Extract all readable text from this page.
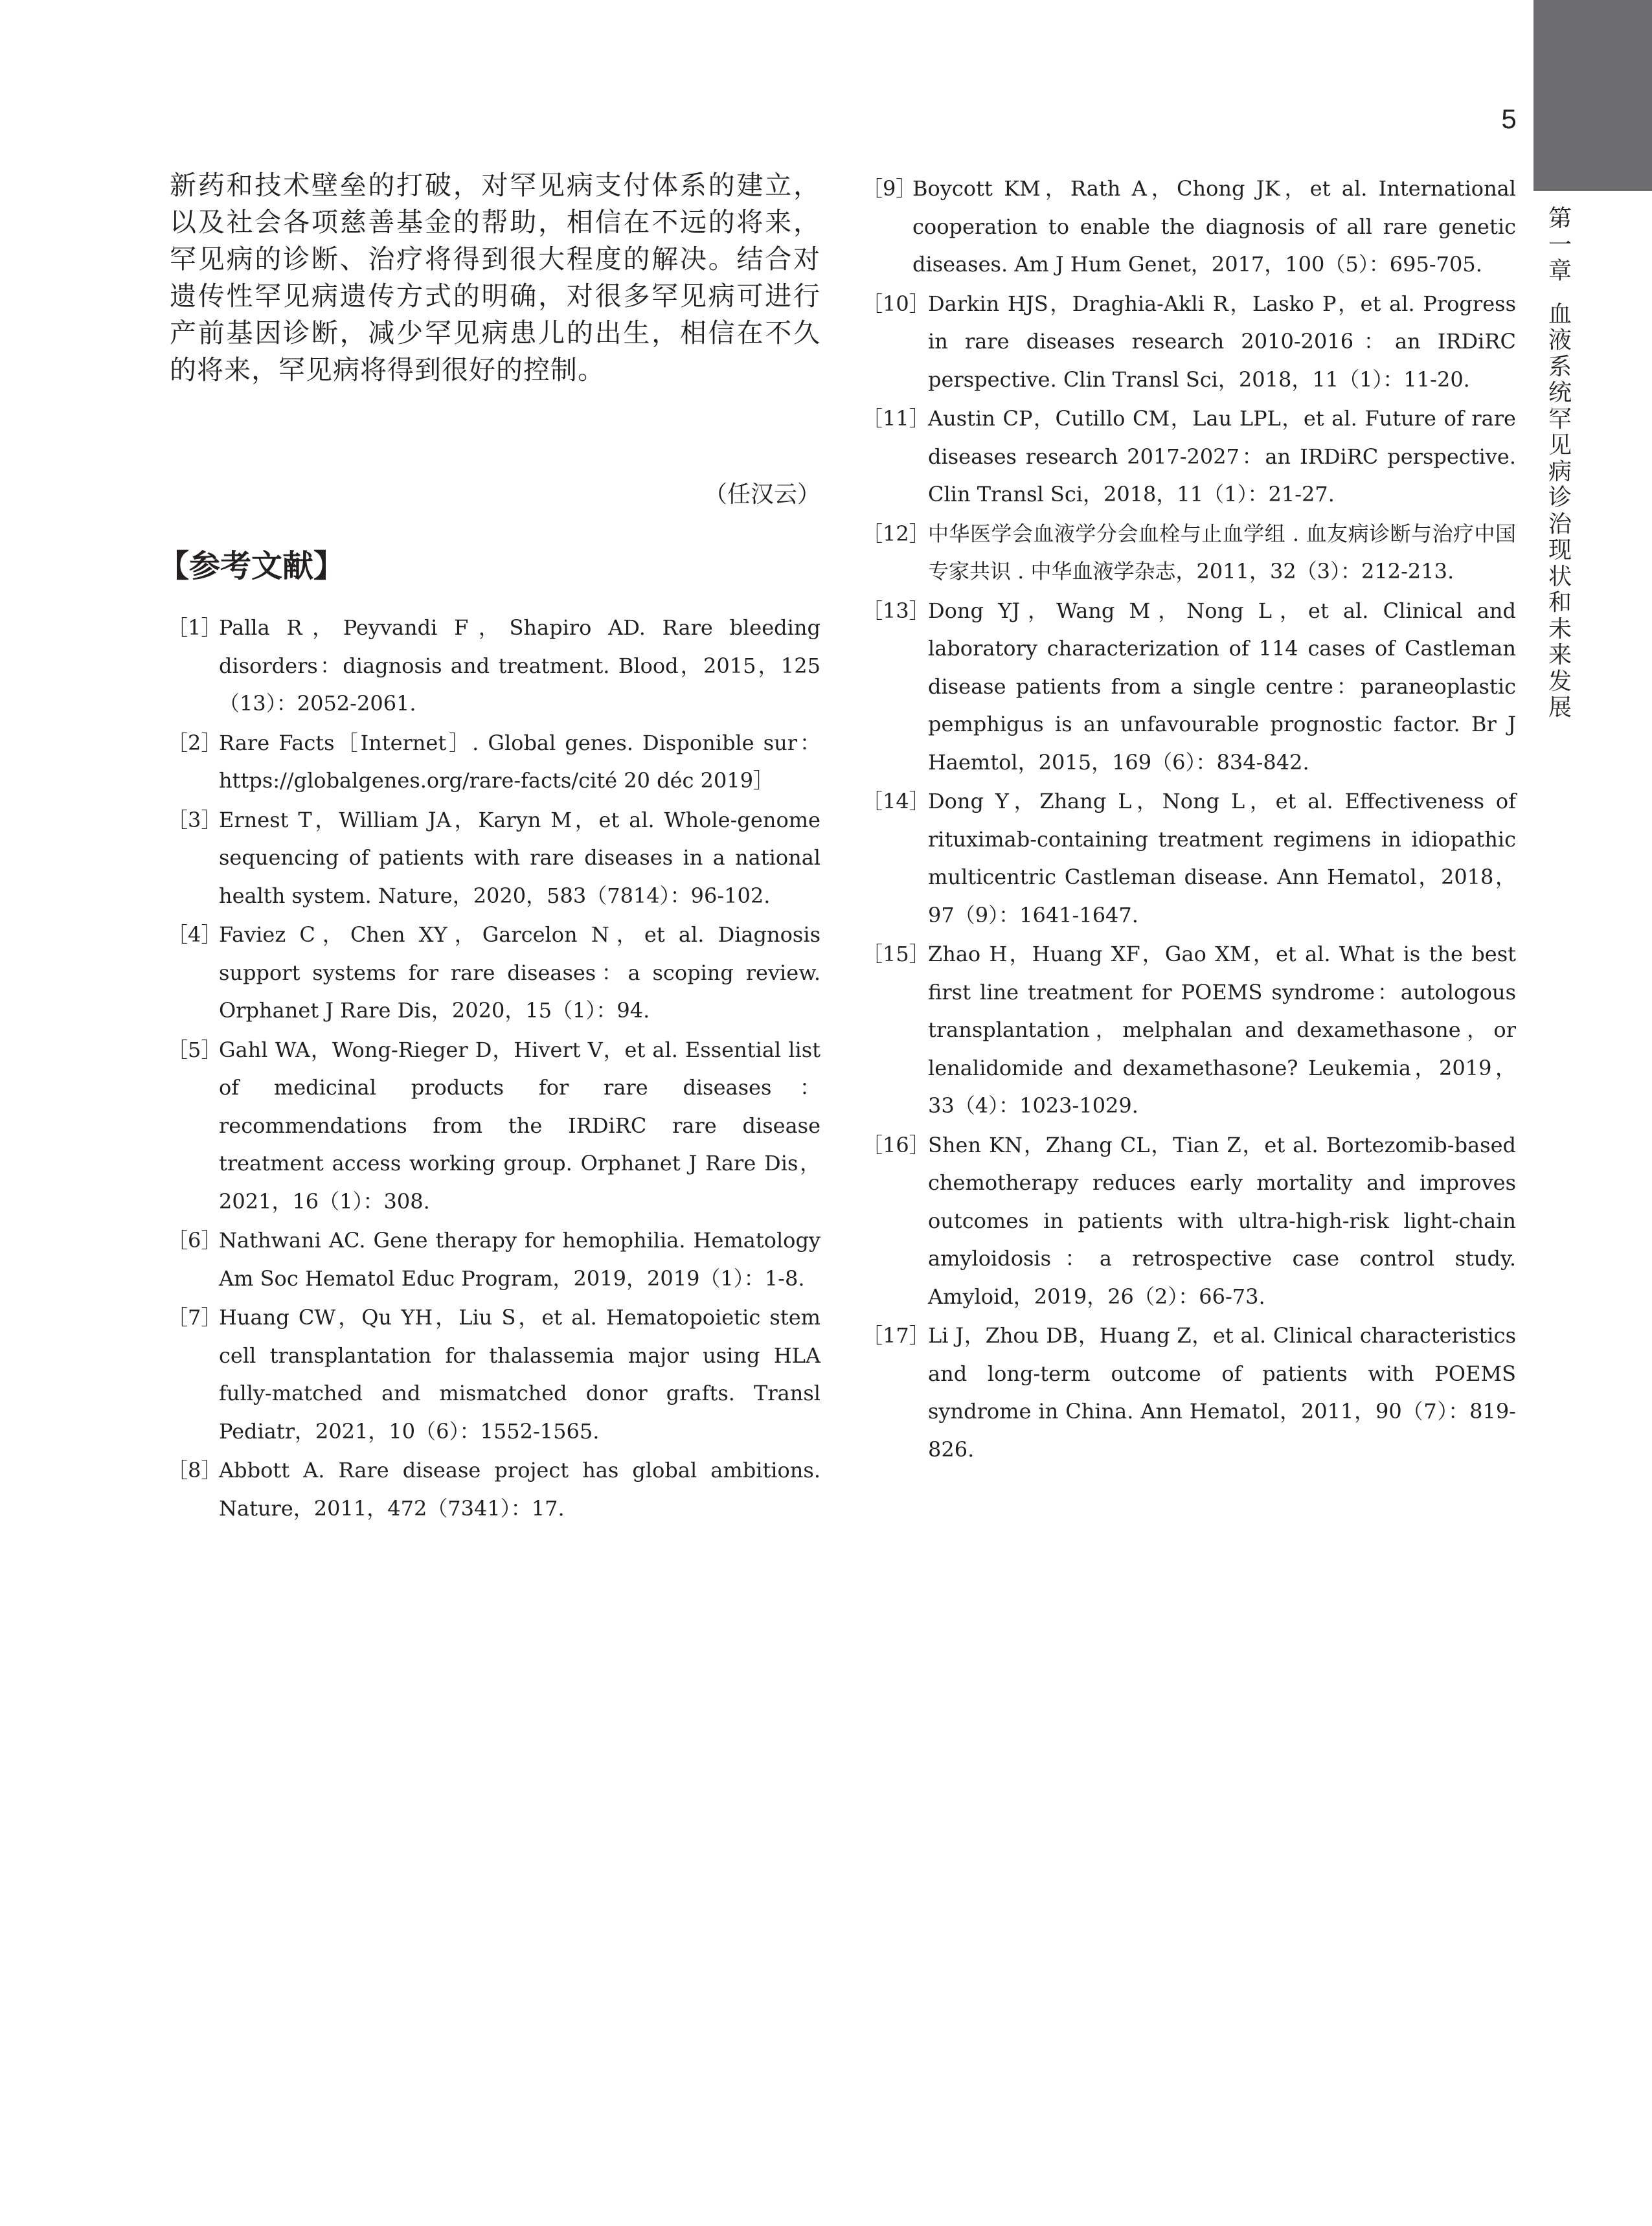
5
第一章
血液系统罕见病诊治现状和未来发展

新药和技术壁垒的打破，对罕见病支付体系的建立，以及社会各项慈善基金的帮助，相信在不远的将来，罕见病的诊断、治疗将得到很大程度的解决。结合对遗传性罕见病遗传方式的明确，对很多罕见病可进行产前基因诊断，减少罕见病患儿的出生，相信在不久的将来，罕见病将得到很好的控制。

（任汉云）
【参考文献】
［1］
Palla R，Peyvandi F，Shapiro AD. Rare bleeding disorders：diagnosis and treatment. Blood，2015，125（13）：2052-2061.
［2］
Rare Facts［Internet］. Global genes. Disponible sur：https://globalgenes.org/rare-facts/cité 20 déc 2019］
［3］
Ernest T，William JA，Karyn M，et al. Whole-genome sequencing of patients with rare diseases in a national health system. Nature，2020，583（7814）：96-102.
［4］
Faviez C，Chen XY，Garcelon N，et al. Diagnosis support systems for rare diseases：a scoping review. Orphanet J Rare Dis，2020，15（1）：94.
［5］
Gahl WA，Wong-Rieger D，Hivert V，et al. Essential list of medicinal products for rare diseases：recommendations from the IRDiRC rare disease treatment access working group. Orphanet J Rare Dis，2021，16（1）：308.
［6］
Nathwani AC. Gene therapy for hemophilia. Hematology Am Soc Hematol Educ Program，2019，2019（1）：1-8.
［7］
Huang CW，Qu YH，Liu S，et al. Hematopoietic stem cell transplantation for thalassemia major using HLA fully-matched and mismatched donor grafts. Transl Pediatr，2021，10（6）：1552-1565.
［8］
Abbott A. Rare disease project has global ambitions. Nature，2011，472（7341）：17.
［9］
Boycott KM，Rath A，Chong JK，et al. International cooperation to enable the diagnosis of all rare genetic diseases. Am J Hum Genet，2017，100（5）：695-705.
［10］
Darkin HJS，Draghia-Akli R，Lasko P，et al. Progress in rare diseases research 2010-2016：an IRDiRC perspective. Clin Transl Sci，2018，11（1）：11-20.
［11］
Austin CP，Cutillo CM，Lau LPL，et al. Future of rare diseases research 2017-2027：an IRDiRC perspective. Clin Transl Sci，2018，11（1）：21-27.
［12］
中华医学会血液学分会血栓与止血学组 . 血友病诊断与治疗中国专家共识 . 中华血液学杂志，2011，32（3）：212-213.
［13］
Dong YJ，Wang M，Nong L，et al. Clinical and laboratory characterization of 114 cases of Castleman disease patients from a single centre：paraneoplastic pemphigus is an unfavourable prognostic factor. Br J Haemtol，2015，169（6）：834-842.
［14］
Dong Y，Zhang L，Nong L，et al. Effectiveness of rituximab-containing treatment regimens in idiopathic multicentric Castleman disease. Ann Hematol，2018，97（9）：1641-1647.
［15］
Zhao H，Huang XF，Gao XM，et al. What is the best first line treatment for POEMS syndrome：autologous transplantation，melphalan and dexamethasone，or lenalidomide and dexamethasone? Leukemia，2019，33（4）：1023-1029.
［16］
Shen KN，Zhang CL，Tian Z，et al. Bortezomib-based chemotherapy reduces early mortality and improves outcomes in patients with ultra-high-risk light-chain amyloidosis：a retrospective case control study. Amyloid，2019，26（2）：66-73.
［17］
Li J，Zhou DB，Huang Z，et al. Clinical characteristics and long-term outcome of patients with POEMS syndrome in China. Ann Hematol，2011，90（7）：819-826.
